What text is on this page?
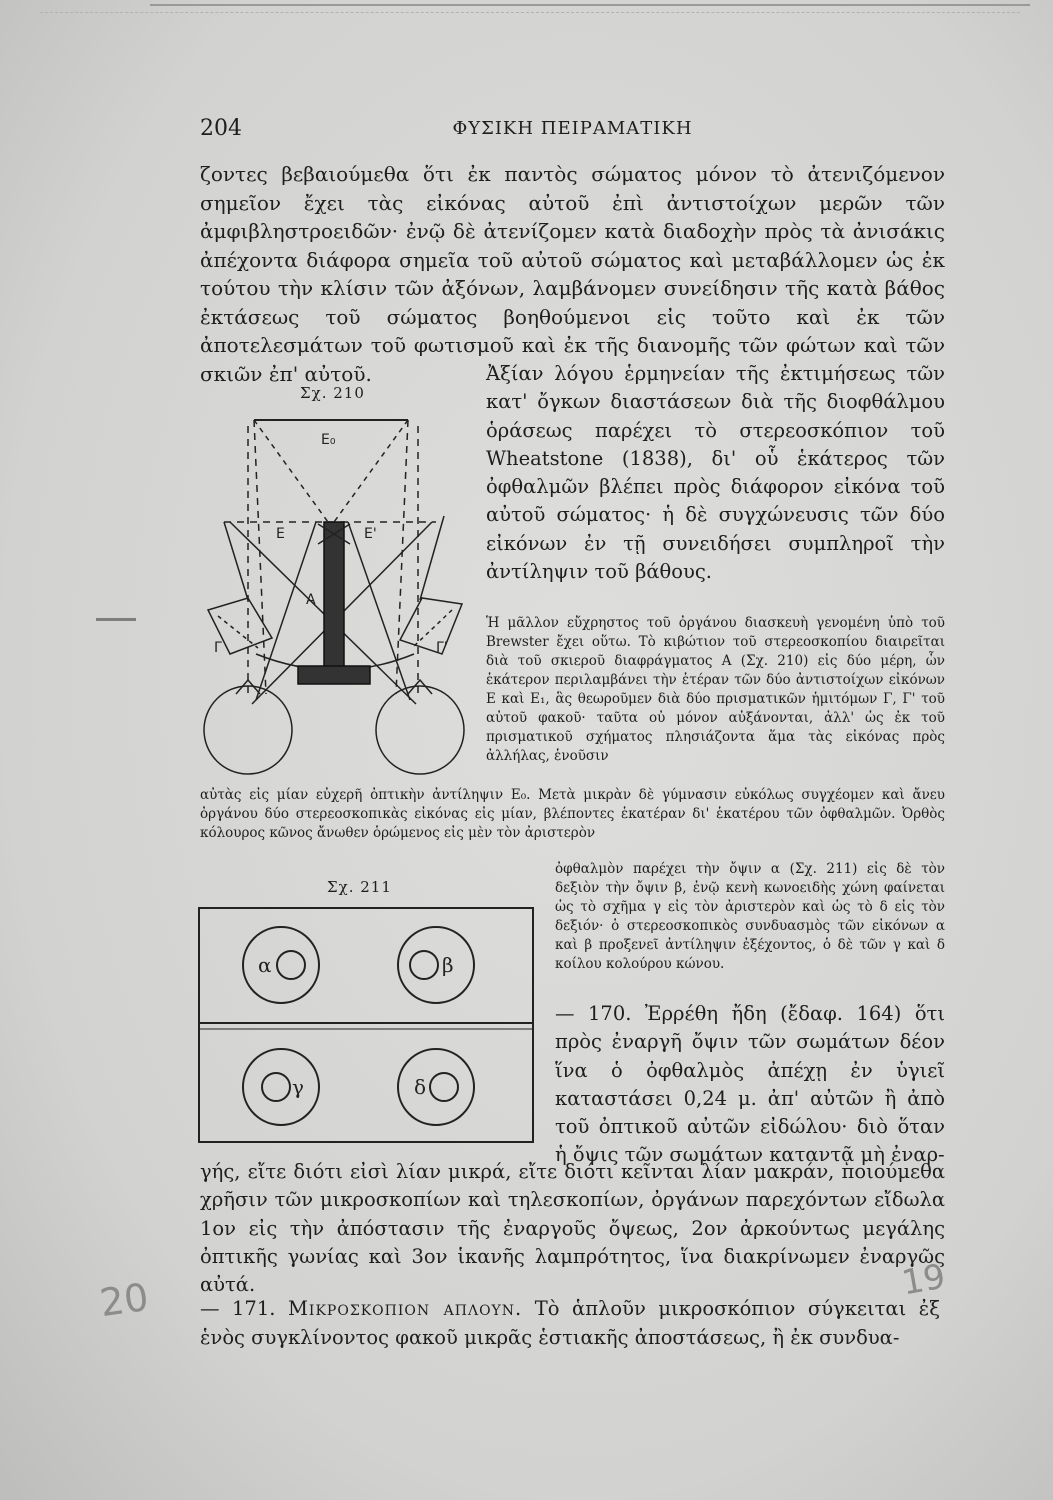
204	ΦΥΣΙΚΗ ΠΕΙΡΑΜΑΤΙΚΗ

ζοντες βεβαιούμεθα ὅτι ἐκ παντὸς σώματος μόνον τὸ ἀτενιζόμενον σημεῖον ἔχει τὰς εἰκόνας αὐτοῦ ἐπὶ ἀντιστοίχων μερῶν τῶν ἀμφιβληστροειδῶν· ἐνῷ δὲ ἀτενίζομεν κατὰ διαδοχὴν πρὸς τὰ ἀνισάκις ἀπέχοντα διάφορα σημεῖα τοῦ αὐτοῦ σώματος καὶ μεταβάλλομεν ὡς ἐκ τούτου τὴν κλίσιν τῶν ἀξόνων, λαμβάνομεν συνείδησιν τῆς κατὰ βάθος ἐκτάσεως τοῦ σώματος βοηθούμενοι εἰς τοῦτο καὶ ἐκ τῶν ἀποτελεσμάτων τοῦ φωτισμοῦ καὶ ἐκ τῆς διανομῆς τῶν φώτων καὶ τῶν σκιῶν ἐπ' αὐτοῦ.

Σχ. 210
E₀
E	E'
A
Γ	Γ'

Ἀξίαν λόγου ἑρμηνείαν τῆς ἐκτιμήσεως τῶν κατ' ὄγκων διαστάσεων διὰ τῆς διοφθάλμου ὁράσεως παρέχει τὸ στερεοσκόπιον τοῦ Wheatstone (1838), δι' οὗ ἑκάτερος τῶν ὀφθαλμῶν βλέπει πρὸς διάφορον εἰκόνα τοῦ αὐτοῦ σώματος· ἡ δὲ συγχώνευσις τῶν δύο εἰκόνων ἐν τῇ συνειδήσει συμπληροῖ τὴν ἀντίληψιν τοῦ βάθους.

Ἡ μᾶλλον εὔχρηστος τοῦ ὀργάνου διασκευὴ γενομένη ὑπὸ τοῦ Brewster ἔχει οὕτω. Τὸ κιβώτιον τοῦ στερεοσκοπίου διαιρεῖται διὰ τοῦ σκιεροῦ διαφράγματος Α (Σχ. 210) εἰς δύο μέρη, ὧν ἑκάτερον περιλαμβάνει τὴν ἑτέραν τῶν δύο ἀντιστοίχων εἰκόνων Ε καὶ Ε₁, ἃς θεωροῦμεν διὰ δύο πρισματικῶν ἡμιτόμων Γ, Γ' τοῦ αὐτοῦ φακοῦ· ταῦτα οὐ μόνον αὐξάνονται, ἀλλ' ὡς ἐκ τοῦ πρισματικοῦ σχήματος πλησιάζοντα ἅμα τὰς εἰκόνας πρὸς ἀλλήλας, ἑνοῦσιν

αὐτὰς εἰς μίαν εὐχερῆ ὀπτικὴν ἀντίληψιν Ε₀. Μετὰ μικρὰν δὲ γύμνασιν εὐκόλως συγχέομεν καὶ ἄνευ ὀργάνου δύο στερεοσκοπικὰς εἰκόνας εἰς μίαν, βλέποντες ἑκατέραν δι' ἑκατέρου τῶν ὀφθαλμῶν. Ὀρθὸς κόλουρος κῶνος ἄνωθεν ὁρώμενος εἰς μὲν τὸν ἀριστερὸν

Σχ. 211
α	β
γ	δ

ὀφθαλμὸν παρέχει τὴν ὄψιν α (Σχ. 211) εἰς δὲ τὸν δεξιὸν τὴν ὄψιν β, ἐνῷ κενὴ κωνοειδὴς χώνη φαίνεται ὡς τὸ σχῆμα γ εἰς τὸν ἀριστερὸν καὶ ὡς τὸ δ εἰς τὸν δεξιόν· ὁ στερεοσκοπικὸς συνδυασμὸς τῶν εἰκόνων α καὶ β προξενεῖ ἀντίληψιν ἐξέχοντος, ὁ δὲ τῶν γ καὶ δ κοίλου κολούρου κώνου.

— 170. Ἐρρέθη ἤδη (ἔδαφ. 164) ὅτι πρὸς ἐναργῆ ὄψιν τῶν σωμάτων δέον ἵνα ὁ ὀφθαλμὸς ἀπέχῃ ἐν ὑγιεῖ καταστάσει 0,24 μ. ἀπ' αὐτῶν ἢ ἀπὸ τοῦ ὀπτικοῦ αὐτῶν εἰδώλου· διὸ ὅταν ἡ ὄψις τῶν σωμάτων καταντᾷ μὴ ἐναρ-

γής, εἴτε διότι εἰσὶ λίαν μικρά, εἴτε διότι κεῖνται λίαν μακράν, ποιούμεθα χρῆσιν τῶν μικροσκοπίων καὶ τηλεσκοπίων, ὀργάνων παρεχόντων εἴδωλα 1ον εἰς τὴν ἀπόστασιν τῆς ἐναργοῦς ὄψεως, 2ον ἀρκούντως μεγάλης ὀπτικῆς γωνίας καὶ 3ον ἱκανῆς λαμπρότητος, ἵνα διακρίνωμεν ἐναργῶς αὐτά.

— 171. Μικροσκοπιον απλουν. Τὸ ἁπλοῦν μικροσκόπιον σύγκειται ἐξ ἑνὸς συγκλίνοντος φακοῦ μικρᾶς ἑστιακῆς ἀποστάσεως, ἢ ἐκ συνδυα-

20	19
